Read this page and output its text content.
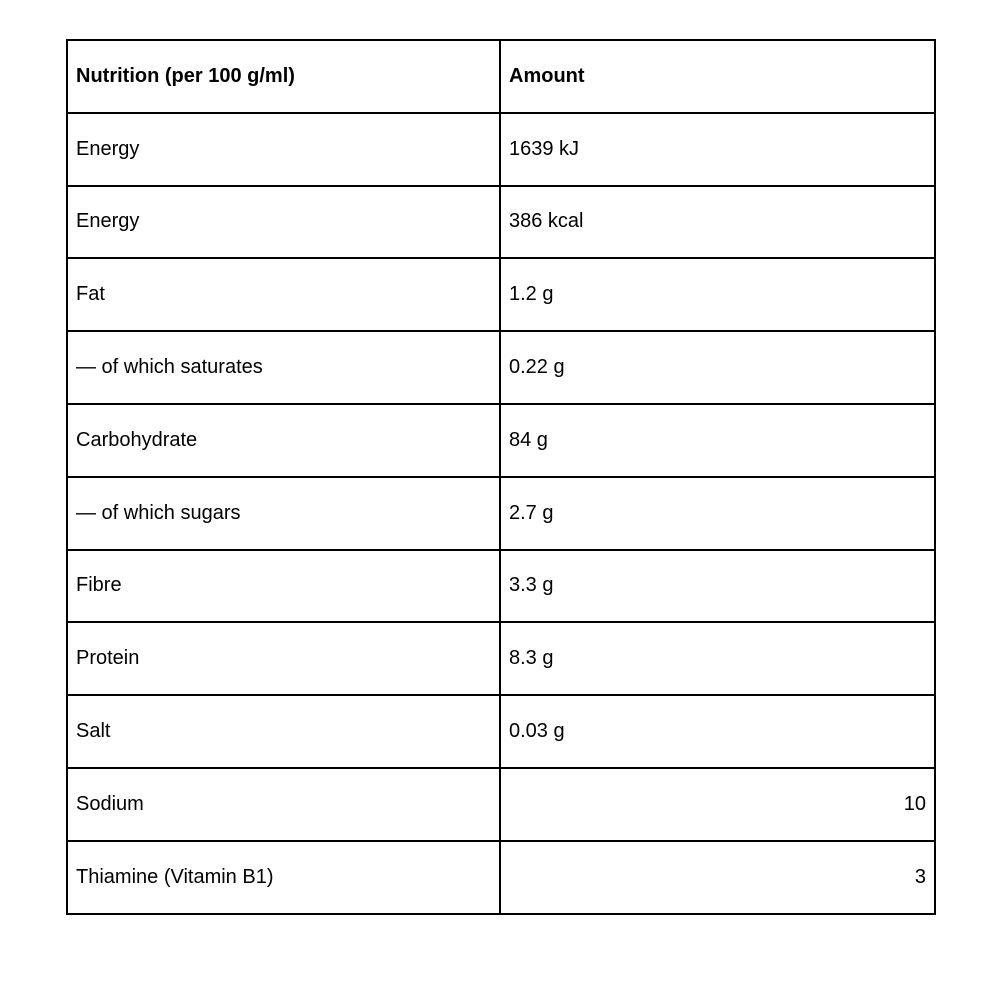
Nutrition (per 100 g/ml)	Amount
Energy	1639 kJ
Energy	386 kcal
Fat	1.2 g
— of which saturates	0.22 g
Carbohydrate	84 g
— of which sugars	2.7 g
Fibre	3.3 g
Protein	8.3 g
Salt	0.03 g
Sodium	10
Thiamine (Vitamin B1)	3
